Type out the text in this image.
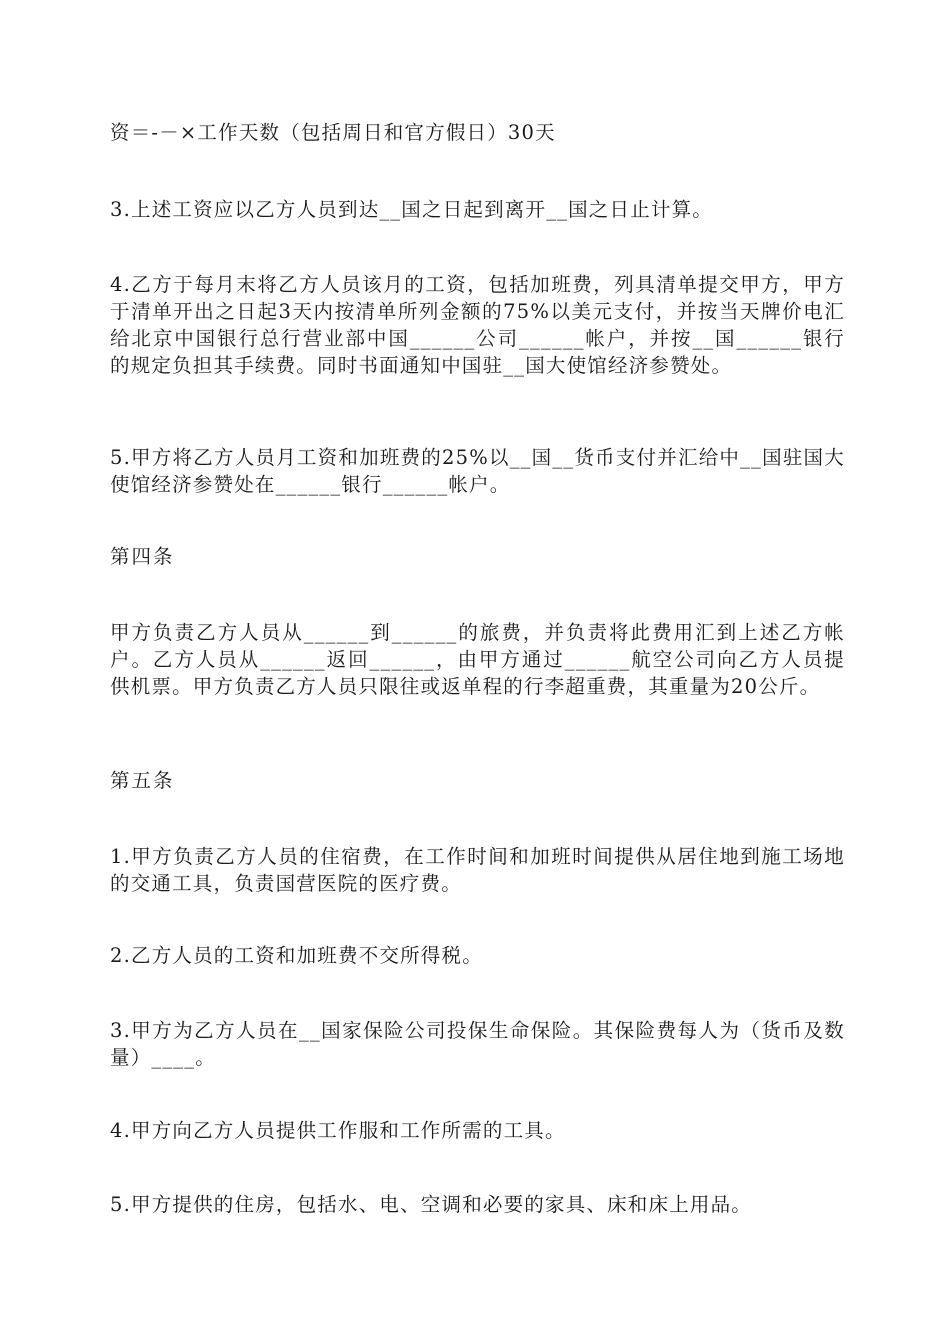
资＝-－×工作天数（包括周日和官方假日）30天

3.上述工资应以乙方人员到达__国之日起到离开__国之日止计算。

4.乙方于每月末将乙方人员该月的工资，包括加班费，列具清单提交甲方，甲方于清单开出之日起3天内按清单所列金额的75%以美元支付，并按当天牌价电汇给北京中国银行总行营业部中国______公司______帐户，并按__国______银行的规定负担其手续费。同时书面通知中国驻__国大使馆经济参赞处。

5.甲方将乙方人员月工资和加班费的25%以__国__货币支付并汇给中__国驻国大使馆经济参赞处在______银行______帐户。

第四条

甲方负责乙方人员从______到______的旅费，并负责将此费用汇到上述乙方帐户。乙方人员从______返回______，由甲方通过______航空公司向乙方人员提供机票。甲方负责乙方人员只限往或返单程的行李超重费，其重量为20公斤。

第五条

1.甲方负责乙方人员的住宿费，在工作时间和加班时间提供从居住地到施工场地的交通工具，负责国营医院的医疗费。

2.乙方人员的工资和加班费不交所得税。

3.甲方为乙方人员在__国家保险公司投保生命保险。其保险费每人为（货币及数量）____。

4.甲方向乙方人员提供工作服和工作所需的工具。

5.甲方提供的住房，包括水、电、空调和必要的家具、床和床上用品。
